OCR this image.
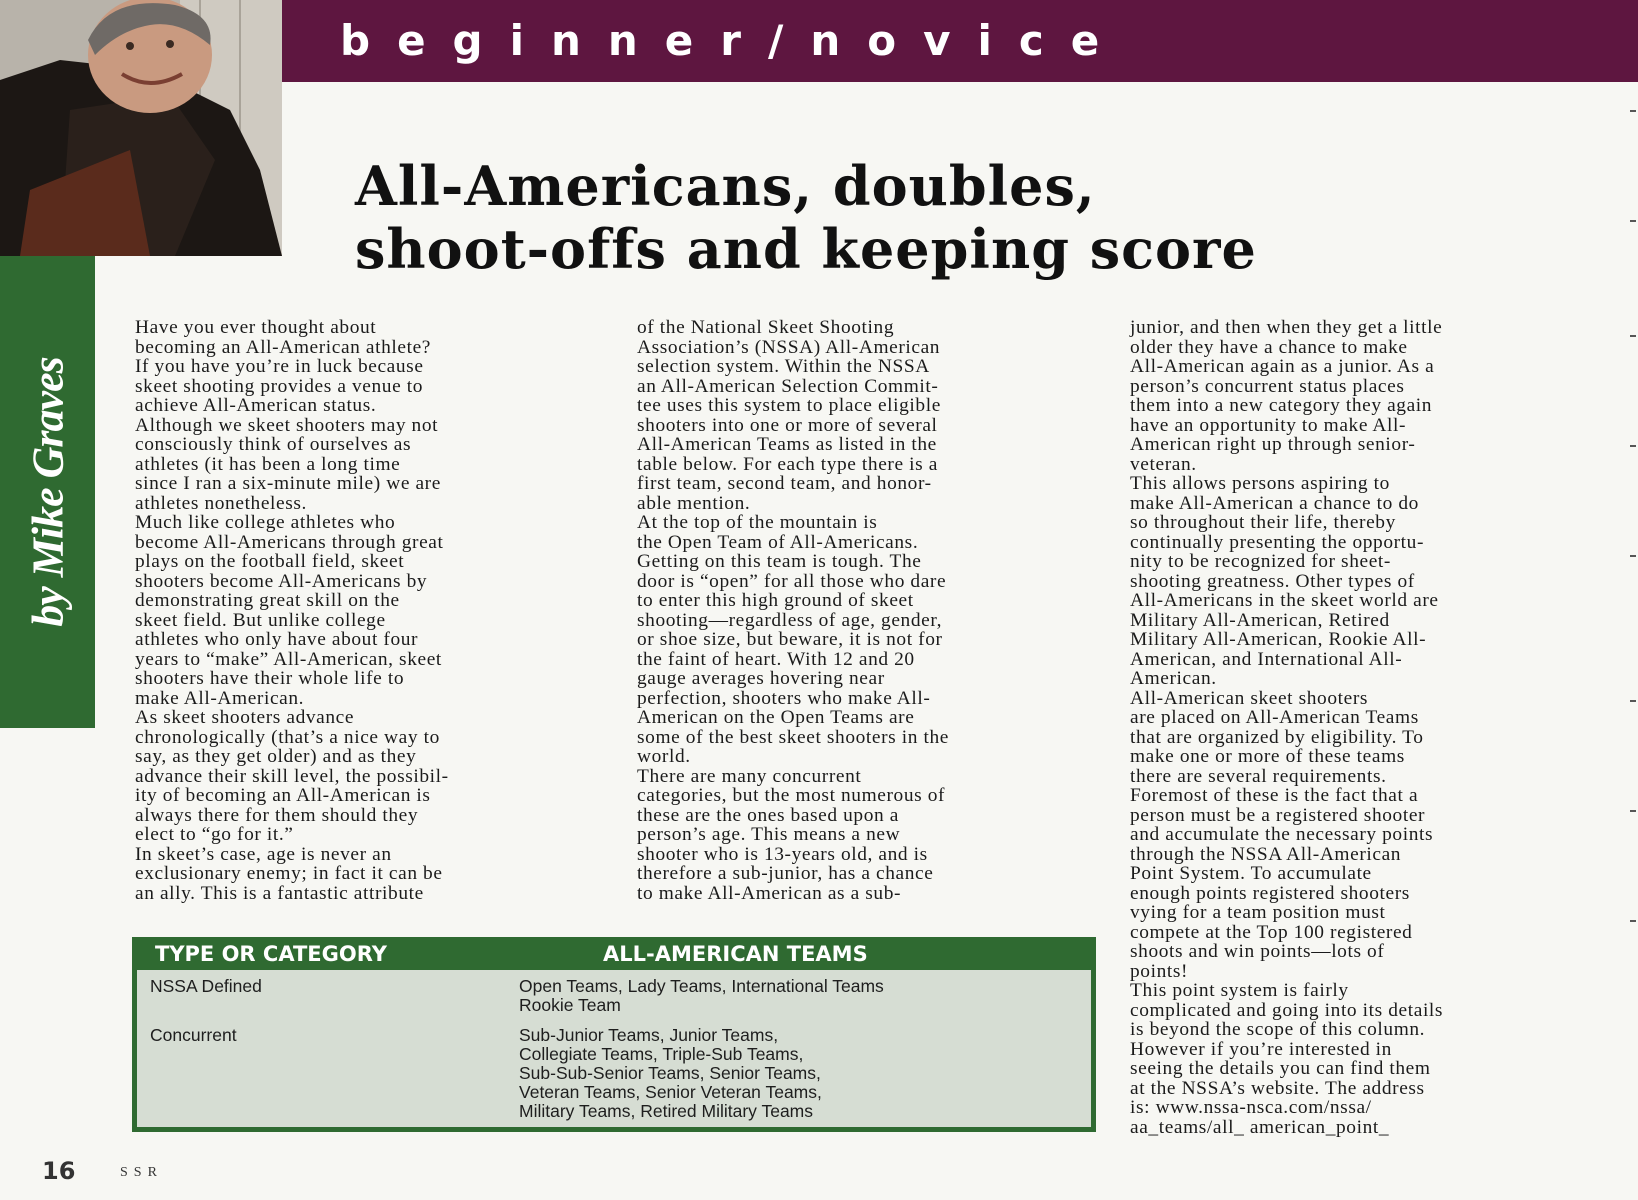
beginner/novice
by Mike Graves
All-Americans, doubles,
shoot-offs and keeping score
Have you ever thought about
becoming an All-American athlete?
If you have you’re in luck because
skeet shooting provides a venue to
achieve All-American status.
Although we skeet shooters may not
consciously think of ourselves as
athletes (it has been a long time
since I ran a six-minute mile) we are
athletes nonetheless.
Much like college athletes who
become All-Americans through great
plays on the football field, skeet
shooters become All-Americans by
demonstrating great skill on the
skeet field. But unlike college
athletes who only have about four
years to “make” All-American, skeet
shooters have their whole life to
make All-American.
As skeet shooters advance
chronologically (that’s a nice way to
say, as they get older) and as they
advance their skill level, the possibil-
ity of becoming an All-American is
always there for them should they
elect to “go for it.”
In skeet’s case, age is never an
exclusionary enemy; in fact it can be
an ally. This is a fantastic attribute
of the National Skeet Shooting
Association’s (NSSA) All-American
selection system. Within the NSSA
an All-American Selection Commit-
tee uses this system to place eligible
shooters into one or more of several
All-American Teams as listed in the
table below. For each type there is a
first team, second team, and honor-
able mention.
At the top of the mountain is
the Open Team of All-Americans.
Getting on this team is tough. The
door is “open” for all those who dare
to enter this high ground of skeet
shooting—regardless of age, gender,
or shoe size, but beware, it is not for
the faint of heart. With 12 and 20
gauge averages hovering near
perfection, shooters who make All-
American on the Open Teams are
some of the best skeet shooters in the
world.
There are many concurrent
categories, but the most numerous of
these are the ones based upon a
person’s age. This means a new
shooter who is 13-years old, and is
therefore a sub-junior, has a chance
to make All-American as a sub-
junior, and then when they get a little
older they have a chance to make
All-American again as a junior. As a
person’s concurrent status places
them into a new category they again
have an opportunity to make All-
American right up through senior-
veteran.
This allows persons aspiring to
make All-American a chance to do
so throughout their life, thereby
continually presenting the opportu-
nity to be recognized for sheet-
shooting greatness. Other types of
All-Americans in the skeet world are
Military All-American, Retired
Military All-American, Rookie All-
American, and International All-
American.
All-American skeet shooters
are placed on All-American Teams
that are organized by eligibility. To
make one or more of these teams
there are several requirements.
Foremost of these is the fact that a
person must be a registered shooter
and accumulate the necessary points
through the NSSA All-American
Point System. To accumulate
enough points registered shooters
vying for a team position must
compete at the Top 100 registered
shoots and win points—lots of
points!
This point system is fairly
complicated and going into its details
is beyond the scope of this column.
However if you’re interested in
seeing the details you can find them
at the NSSA’s website. The address
is: www.nssa-nsca.com/nssa/
aa_teams/all_ american_point_
TYPE OR CATEGORY	ALL-AMERICAN TEAMS
NSSA Defined	Open Teams, Lady Teams, International Teams
Rookie Team
Concurrent	Sub-Junior Teams, Junior Teams,
Collegiate Teams, Triple-Sub Teams,
Sub-Sub-Senior Teams, Senior Teams,
Veteran Teams, Senior Veteran Teams,
Military Teams, Retired Military Teams
16	SSR
